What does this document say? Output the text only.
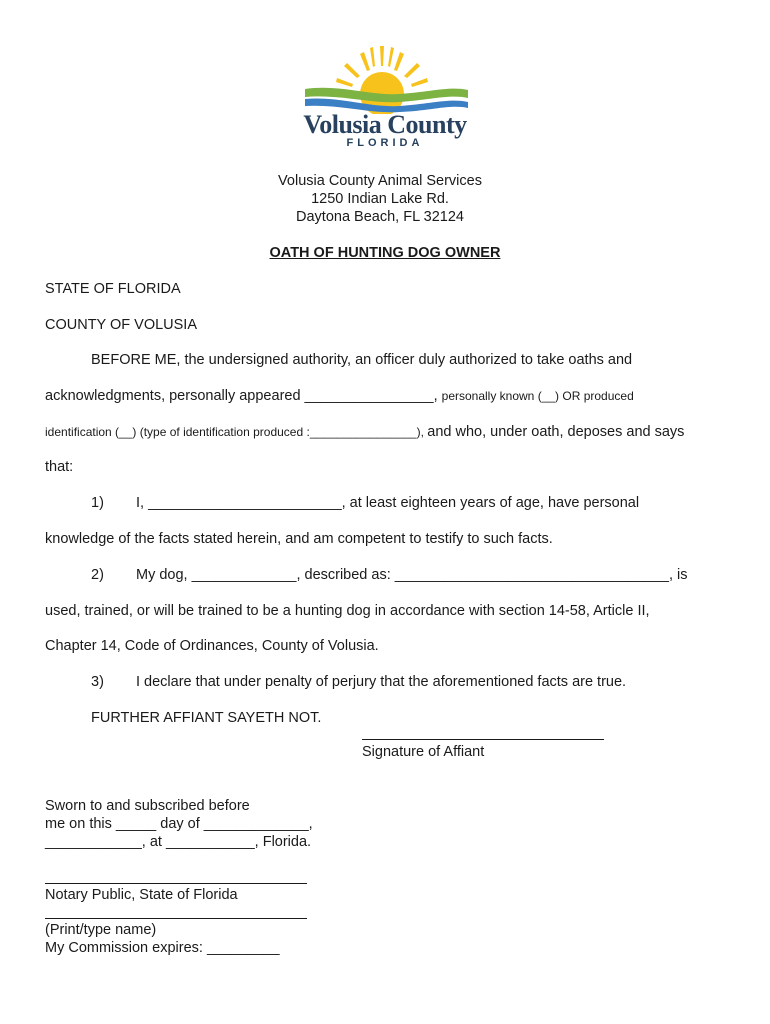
Volusia County
FLORIDA
Volusia County Animal Services
1250 Indian Lake Rd.
Daytona Beach, FL 32124
OATH OF HUNTING DOG OWNER
STATE OF FLORIDA
COUNTY OF VOLUSIA
BEFORE ME, the undersigned authority, an officer duly authorized to take oaths and
acknowledgments, personally appeared ________________, personally known (__) OR produced
identification (__) (type of identification produced :________________), and who, under oath, deposes and says
that:
1) I, ________________________, at least eighteen years of age, have personal
knowledge of the facts stated herein, and am competent to testify to such facts.
2) My dog, _____________, described as: __________________________________, is
used, trained, or will be trained to be a hunting dog in accordance with section 14-58, Article II,
Chapter 14, Code of Ordinances, County of Volusia.
3) I declare that under penalty of perjury that the aforementioned facts are true.
FURTHER AFFIANT SAYETH NOT.
Signature of Affiant
Sworn to and subscribed before
me on this _____ day of _____________,
____________, at ___________, Florida.
Notary Public, State of Florida
(Print/type name)
My Commission expires: _________
